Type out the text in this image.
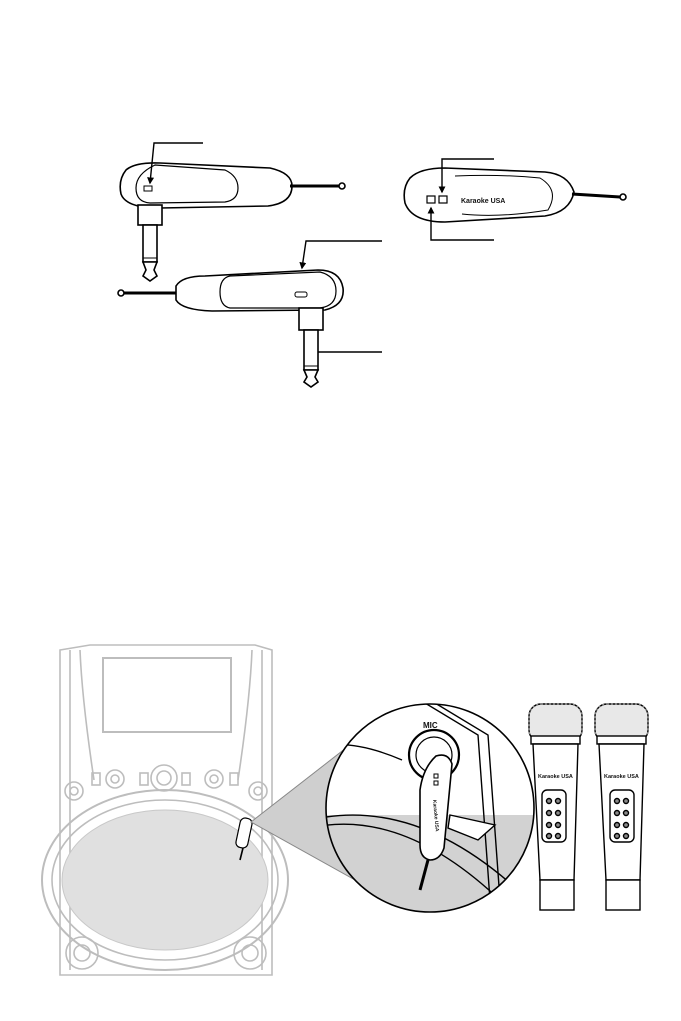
Karaoke USA
MIC
Karaoke USA
Karaoke USA	Karaoke USA
